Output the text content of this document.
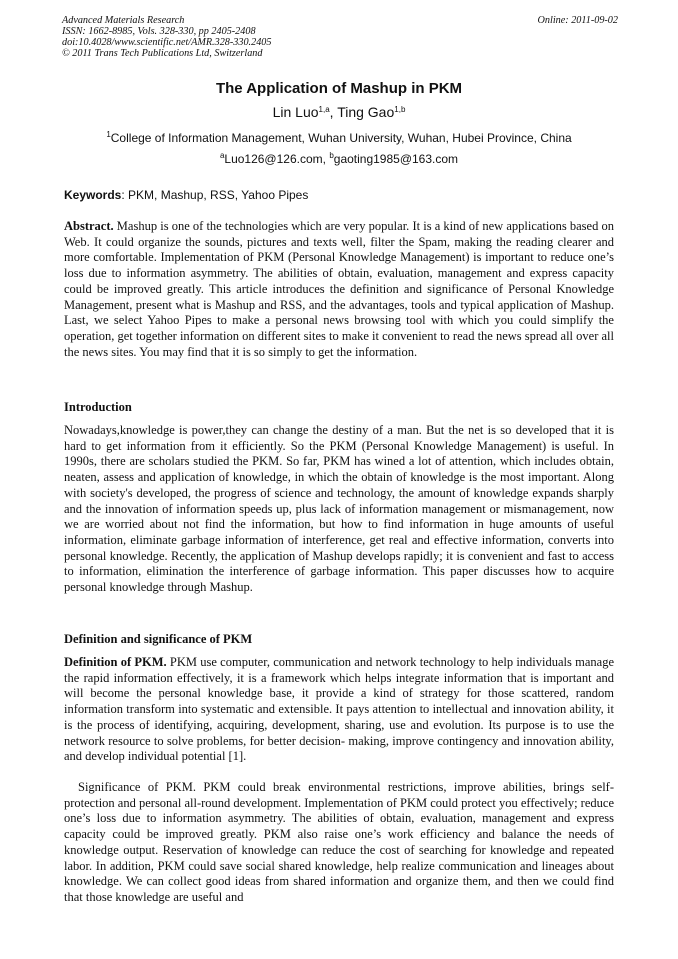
Advanced Materials Research
ISSN: 1662-8985, Vols. 328-330, pp 2405-2408
doi:10.4028/www.scientific.net/AMR.328-330.2405
© 2011 Trans Tech Publications Ltd, Switzerland
Online: 2011-09-02
The Application of Mashup in PKM
Lin Luo$^{1,a}$, Ting Gao$^{1,b}$
$^1$College of Information Management, Wuhan University, Wuhan, Hubei Province, China
$^a$Luo126@126.com, $^b$gaoting1985@163.com
Keywords: PKM, Mashup, RSS, Yahoo Pipes
Abstract. Mashup is one of the technologies which are very popular. It is a kind of new applications based on Web. It could organize the sounds, pictures and texts well, filter the Spam, making the reading clearer and more comfortable. Implementation of PKM (Personal Knowledge Management) is important to reduce one’s loss due to information asymmetry. The abilities of obtain, evaluation, management and express capacity could be improved greatly. This article introduces the definition and significance of Personal Knowledge Management, present what is Mashup and RSS, and the advantages, tools and typical application of Mashup. Last, we select Yahoo Pipes to make a personal news browsing tool with which you could simplify the operation, get together information on different sites to make it convenient to read the news spread all over all the news sites. You may find that it is so simply to get the information.
Introduction
Nowadays,knowledge is power,they can change the destiny of a man. But the net is so developed that it is hard to get information from it efficiently. So the PKM (Personal Knowledge Management) is useful. In 1990s, there are scholars studied the PKM. So far, PKM has wined a lot of attention, which includes obtain, neaten, assess and application of knowledge, in which the obtain of knowledge is the most important. Along with society's developed, the progress of science and technology, the amount of knowledge expands sharply and the innovation of information speeds up, plus lack of information management or mismanagement, now we are worried about not find the information, but how to find information in huge amounts of useful information, eliminate garbage information of interference, get real and effective information, converts into personal knowledge. Recently, the application of Mashup develops rapidly; it is convenient and fast to access to information, elimination the interference of garbage information. This paper discusses how to acquire personal knowledge through Mashup.
Definition and significance of PKM
Definition of PKM. PKM use computer, communication and network technology to help individuals manage the rapid information effectively, it is a framework which helps integrate information that is important and will become the personal knowledge base, it provide a kind of strategy for those scattered, random information transform into systematic and extensible. It pays attention to intellectual and innovation ability, it is the process of identifying, acquiring, development, sharing, use and evolution. Its purpose is to use the network resource to solve problems, for better decision- making, improve contingency and innovation ability, and develop individual potential [1].
Significance of PKM. PKM could break environmental restrictions, improve abilities, brings self-protection and personal all-round development. Implementation of PKM could protect you effectively; reduce one’s loss due to information asymmetry. The abilities of obtain, evaluation, management and express capacity could be improved greatly. PKM also raise one’s work efficiency and balance the needs of knowledge output. Reservation of knowledge can reduce the cost of searching for knowledge and repeated labor. In addition, PKM could save social shared knowledge, help realize communication and lineages about knowledge. We can collect good ideas from shared information and organize them, and then we could find that those knowledge are useful and
